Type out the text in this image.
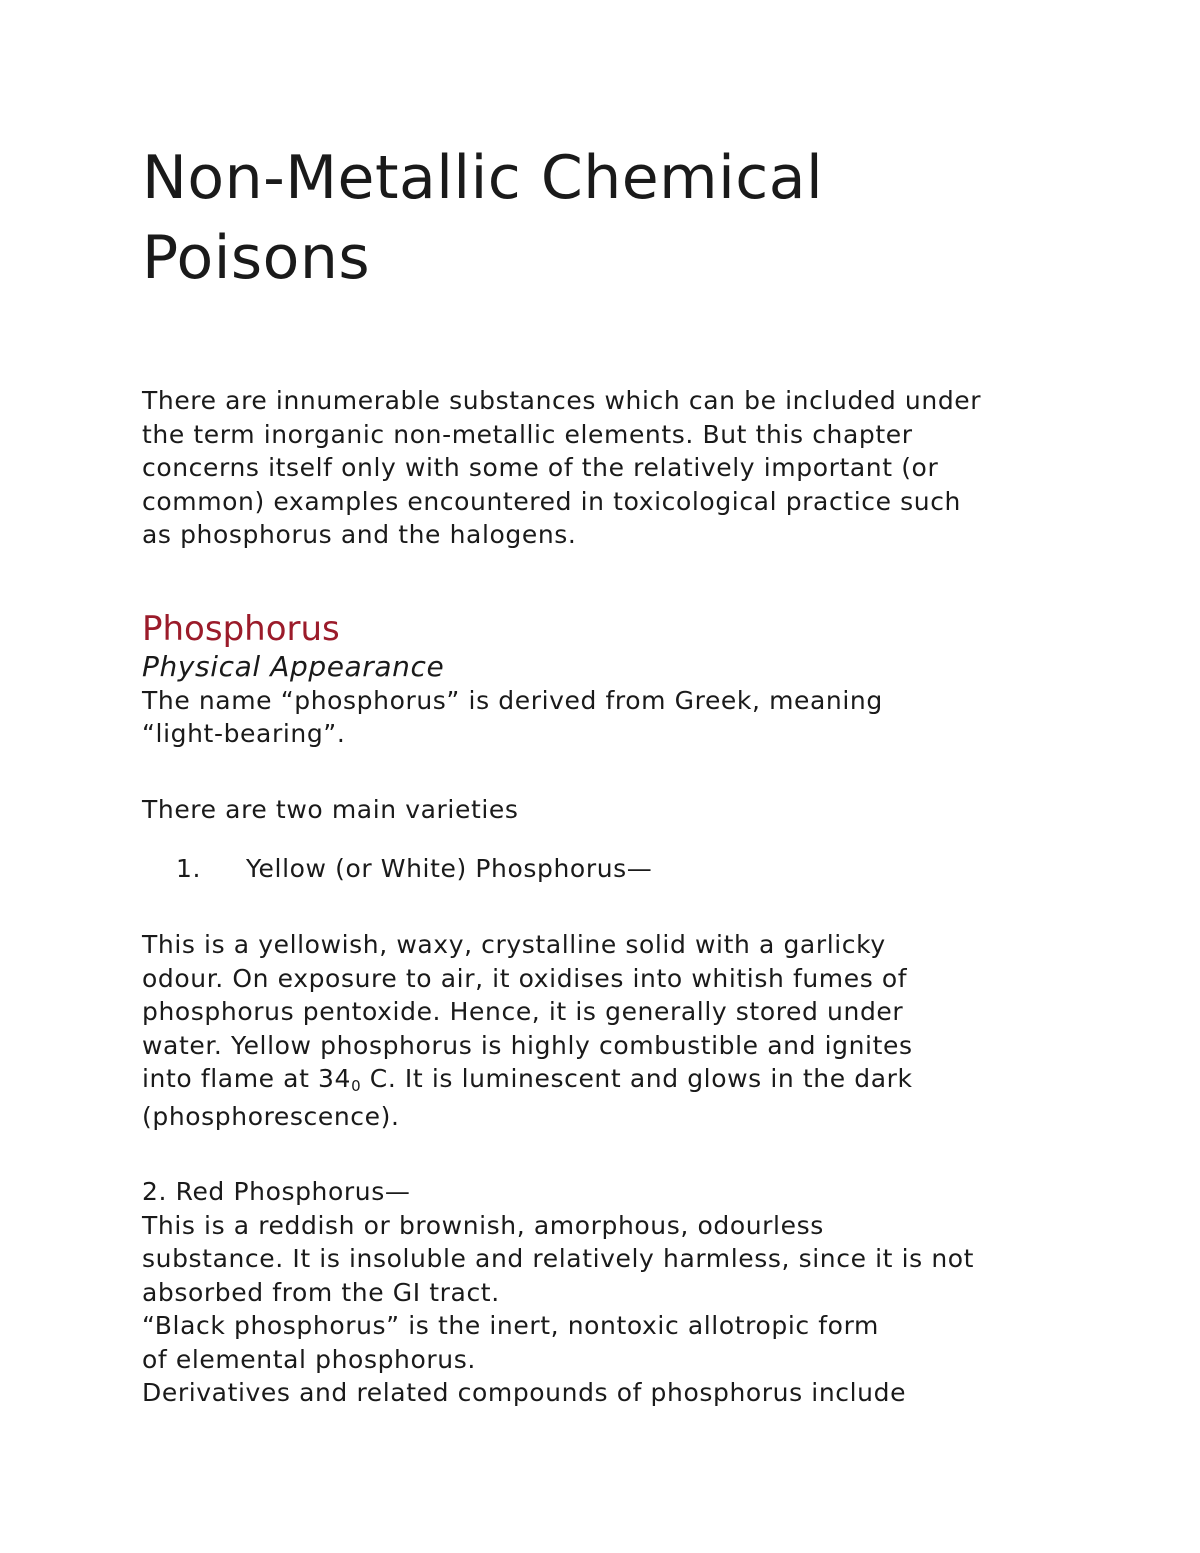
Non-Metallic Chemical
Poisons
There are innumerable substances which can be included under
the term inorganic non-metallic elements. But this chapter
concerns itself only with some of the relatively important (or
common) examples encountered in toxicological practice such
as phosphorus and the halogens.
Phosphorus
Physical Appearance
The name “phosphorus” is derived from Greek, meaning
“light-bearing”.
There are two main varieties
1.	Yellow (or White) Phosphorus—
This is a yellowish, waxy, crystalline solid with a garlicky
odour. On exposure to air, it oxidises into whitish fumes of
phosphorus pentoxide. Hence, it is generally stored under
water. Yellow phosphorus is highly combustible and ignites
into flame at $34_0$ C. It is luminescent and glows in the dark
(phosphorescence).
2. Red Phosphorus—
This is a reddish or brownish, amorphous, odourless
substance. It is insoluble and relatively harmless, since it is not
absorbed from the GI tract.
“Black phosphorus” is the inert, nontoxic allotropic form
of elemental phosphorus.
Derivatives and related compounds of phosphorus include
